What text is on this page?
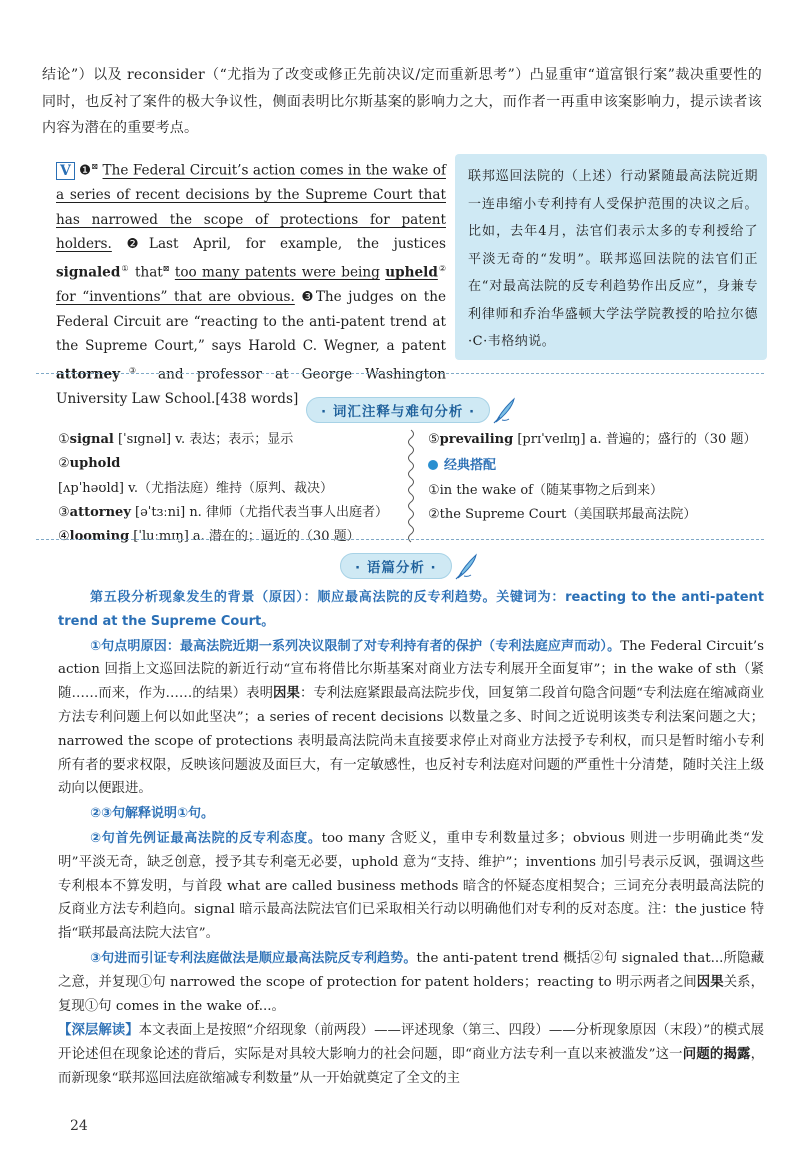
结论”）以及 reconsider（“尤指为了改变或修正先前决议/定而重新思考”）凸显重审“道富银行案”裁决重要性的同时，也反衬了案件的极大争议性，侧面表明比尔斯基案的影响力之大，而作者一再重申该案影响力，提示读者该内容为潜在的重要考点。
V ❶⊠ The Federal Circuit’s action comes in the wake of a series of recent decisions by the Supreme Court that has narrowed the scope of protections for patent holders. ❷Last April, for example, the justices signaled① that⊠ too many patents were being upheld② for “inventions” that are obvious. ❸The judges on the Federal Circuit are “reacting to the anti-patent trend at the Supreme Court,” says Harold C. Wegner, a patent attorney③ and professor at George Washington University Law School.[438 words]
联邦巡回法院的（上述）行动紧随最高法院近期一连串缩小专利持有人受保护范围的决议之后。比如，去年4月，法官们表示太多的专利授给了平淡无奇的“发明”。联邦巡回法院的法官们正在“对最高法院的反专利趋势作出反应”，身兼专利律师和乔治华盛顿大学法学院教授的哈拉尔德·C·韦格纳说。
· 词汇注释与难句分析 ·
①signal [ˈsɪgnəl] v. 表达；表示；显示
②uphold [ʌpˈhəʊld] v.（尤指法庭）维持（原判、裁决）
③attorney [əˈtɜːni] n. 律师（尤指代表当事人出庭者）
④looming [ˈluːmɪŋ] a. 潜在的；逼近的（30 题）
⑤prevailing [prɪˈveɪlɪŋ] a. 普遍的；盛行的（30 题）
经典搭配
①in the wake of（随某事物之后到来）
②the Supreme Court（美国联邦最高法院）
· 语篇分析 ·

第五段分析现象发生的背景（原因）：顺应最高法院的反专利趋势。关键词为：reacting to the anti-patent trend at the Supreme Court。

①句点明原因：最高法院近期一系列决议限制了对专利持有者的保护（专利法庭应声而动）。The Federal Circuit’s action 回指上文巡回法院的新近行动“宣布将借比尔斯基案对商业方法专利展开全面复审”；in the wake of sth（紧随……而来，作为……的结果）表明因果：专利法庭紧跟最高法院步伐，回复第二段首句隐含问题“专利法庭在缩减商业方法专利问题上何以如此坚决”；a series of recent decisions 以数量之多、时间之近说明该类专利法案问题之大；narrowed the scope of protections 表明最高法院尚未直接要求停止对商业方法授予专利权，而只是暂时缩小专利所有者的要求权限，反映该问题波及面巨大，有一定敏感性，也反衬专利法庭对问题的严重性十分清楚，随时关注上级动向以便跟进。

②③句解释说明①句。

②句首先例证最高法院的反专利态度。too many 含贬义，重申专利数量过多；obvious 则进一步明确此类“发明”平淡无奇，缺乏创意，授予其专利毫无必要，uphold 意为“支持、维护”；inventions 加引号表示反讽，强调这些专利根本不算发明，与首段 what are called business methods 暗含的怀疑态度相契合；三词充分表明最高法院的反商业方法专利趋向。signal 暗示最高法院法官们已采取相关行动以明确他们对专利的反对态度。注：the justice 特指“联邦最高法院大法官”。

③句进而引证专利法庭做法是顺应最高法院反专利趋势。the anti-patent trend 概括②句 signaled that...所隐藏之意，并复现①句 narrowed the scope of protection for patent holders；reacting to 明示两者之间因果关系，复现①句 comes in the wake of...。

【深层解读】本文表面上是按照“介绍现象（前两段）——评述现象（第三、四段）——分析现象原因（末段）”的模式展开论述但在现象论述的背后，实际是对具较大影响力的社会问题，即“商业方法专利一直以来被滥发”这一问题的揭露，而新现象“联邦巡回法庭欲缩减专利数量”从一开始就奠定了全文的主

24
